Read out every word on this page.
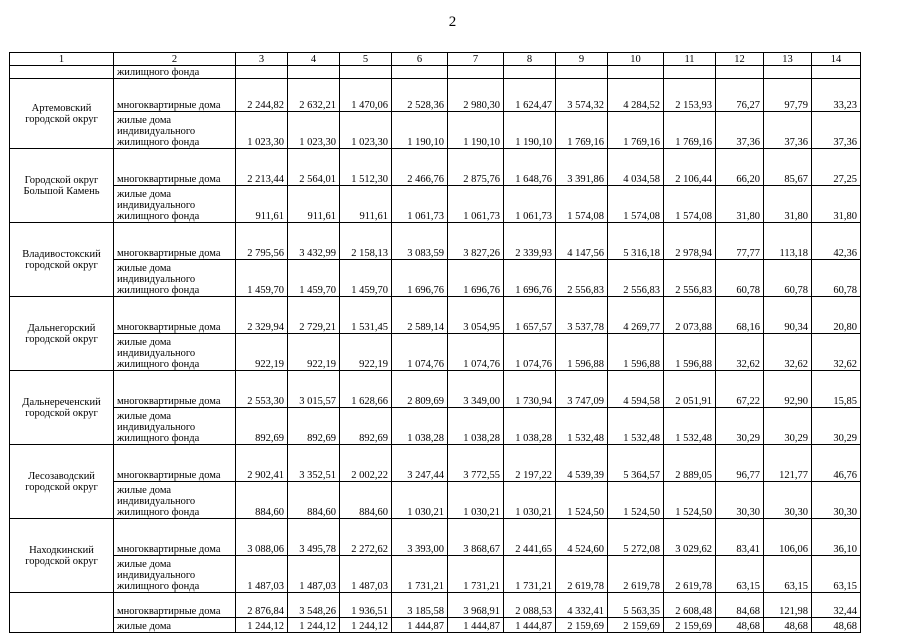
2
1	2	3	4	5	6	7	8	9	10	11	12	13	14
	жилищного фонда												
Артемовский городской округ	многоквартирные дома	2 244,82	2 632,21	1 470,06	2 528,36	2 980,30	1 624,47	3 574,32	4 284,52	2 153,93	76,27	97,79	33,23
	жилые дома индивидуального жилищного фонда	1 023,30	1 023,30	1 023,30	1 190,10	1 190,10	1 190,10	1 769,16	1 769,16	1 769,16	37,36	37,36	37,36
Городской округ Большой Камень	многоквартирные дома	2 213,44	2 564,01	1 512,30	2 466,76	2 875,76	1 648,76	3 391,86	4 034,58	2 106,44	66,20	85,67	27,25
	жилые дома индивидуального жилищного фонда	911,61	911,61	911,61	1 061,73	1 061,73	1 061,73	1 574,08	1 574,08	1 574,08	31,80	31,80	31,80
Владивостокский городской округ	многоквартирные дома	2 795,56	3 432,99	2 158,13	3 083,59	3 827,26	2 339,93	4 147,56	5 316,18	2 978,94	77,77	113,18	42,36
	жилые дома индивидуального жилищного фонда	1 459,70	1 459,70	1 459,70	1 696,76	1 696,76	1 696,76	2 556,83	2 556,83	2 556,83	60,78	60,78	60,78
Дальнегорский городской округ	многоквартирные дома	2 329,94	2 729,21	1 531,45	2 589,14	3 054,95	1 657,57	3 537,78	4 269,77	2 073,88	68,16	90,34	20,80
	жилые дома индивидуального жилищного фонда	922,19	922,19	922,19	1 074,76	1 074,76	1 074,76	1 596,88	1 596,88	1 596,88	32,62	32,62	32,62
Дальнереченский городской округ	многоквартирные дома	2 553,30	3 015,57	1 628,66	2 809,69	3 349,00	1 730,94	3 747,09	4 594,58	2 051,91	67,22	92,90	15,85
	жилые дома индивидуального жилищного фонда	892,69	892,69	892,69	1 038,28	1 038,28	1 038,28	1 532,48	1 532,48	1 532,48	30,29	30,29	30,29
Лесозаводский городской округ	многоквартирные дома	2 902,41	3 352,51	2 002,22	3 247,44	3 772,55	2 197,22	4 539,39	5 364,57	2 889,05	96,77	121,77	46,76
	жилые дома индивидуального жилищного фонда	884,60	884,60	884,60	1 030,21	1 030,21	1 030,21	1 524,50	1 524,50	1 524,50	30,30	30,30	30,30
Находкинский городской округ	многоквартирные дома	3 088,06	3 495,78	2 272,62	3 393,00	3 868,67	2 441,65	4 524,60	5 272,08	3 029,62	83,41	106,06	36,10
	жилые дома индивидуального жилищного фонда	1 487,03	1 487,03	1 487,03	1 731,21	1 731,21	1 731,21	2 619,78	2 619,78	2 619,78	63,15	63,15	63,15
	многоквартирные дома	2 876,84	3 548,26	1 936,51	3 185,58	3 968,91	2 088,53	4 332,41	5 563,35	2 608,48	84,68	121,98	32,44
	жилые дома	1 244,12	1 244,12	1 244,12	1 444,87	1 444,87	1 444,87	2 159,69	2 159,69	2 159,69	48,68	48,68	48,68
